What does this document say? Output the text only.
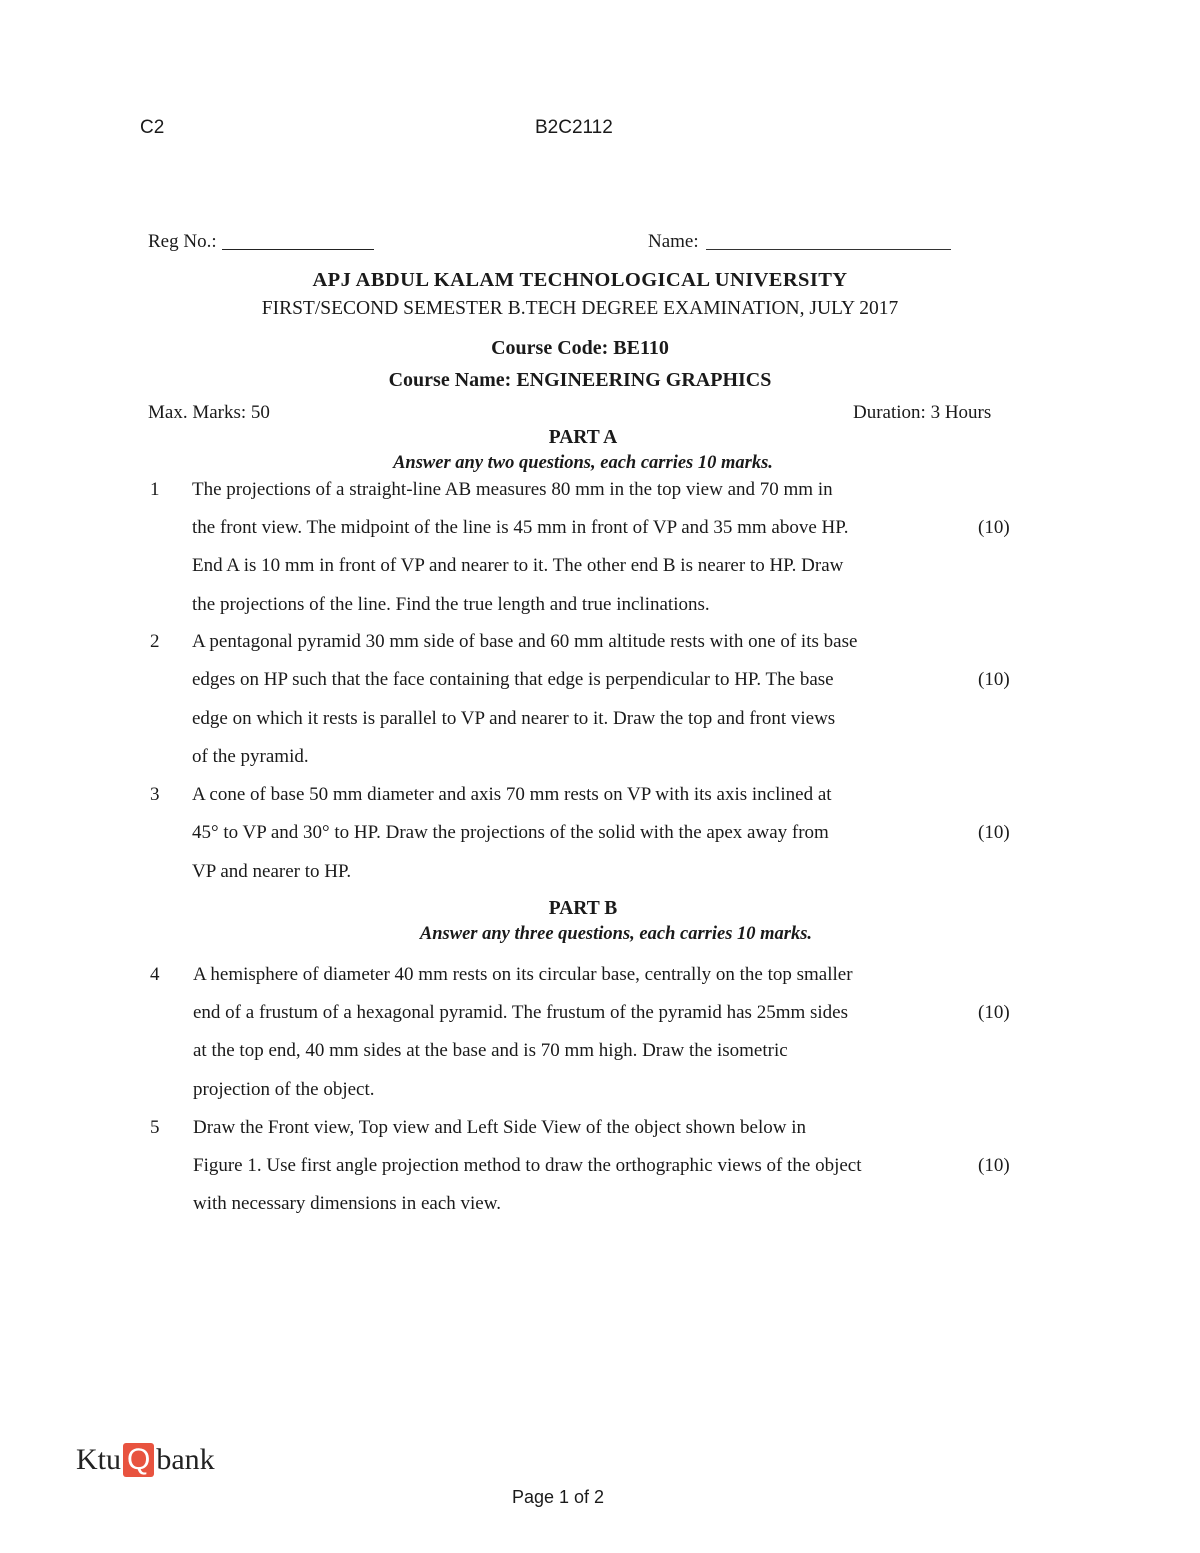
C2	B2C2112
Reg No.:	Name:
APJ ABDUL KALAM TECHNOLOGICAL UNIVERSITY
FIRST/SECOND SEMESTER B.TECH DEGREE EXAMINATION, JULY 2017
Course Code: BE110
Course Name: ENGINEERING GRAPHICS
Max. Marks: 50	Duration: 3 Hours
PART A
Answer any two questions, each carries 10 marks.
1 The projections of a straight-line AB measures 80 mm in the top view and 70 mm in
the front view. The midpoint of the line is 45 mm in front of VP and 35 mm above HP.
End A is 10 mm in front of VP and nearer to it. The other end B is nearer to HP. Draw
the projections of the line. Find the true length and true inclinations.
(10)
2 A pentagonal pyramid 30 mm side of base and 60 mm altitude rests with one of its base
edges on HP such that the face containing that edge is perpendicular to HP. The base
edge on which it rests is parallel to VP and nearer to it. Draw the top and front views
of the pyramid.
(10)
3 A cone of base 50 mm diameter and axis 70 mm rests on VP with its axis inclined at
45° to VP and 30° to HP. Draw the projections of the solid with the apex away from
VP and nearer to HP.
(10)
PART B
Answer any three questions, each carries 10 marks.
4 A hemisphere of diameter 40 mm rests on its circular base, centrally on the top smaller
end of a frustum of a hexagonal pyramid. The frustum of the pyramid has 25mm sides
at the top end, 40 mm sides at the base and is 70 mm high. Draw the isometric
projection of the object.
(10)
5 Draw the Front view, Top view and Left Side View of the object shown below in
Figure 1. Use first angle projection method to draw the orthographic views of the object
with necessary dimensions in each view.
(10)
Ktu Q bank
Page 1 of 2
